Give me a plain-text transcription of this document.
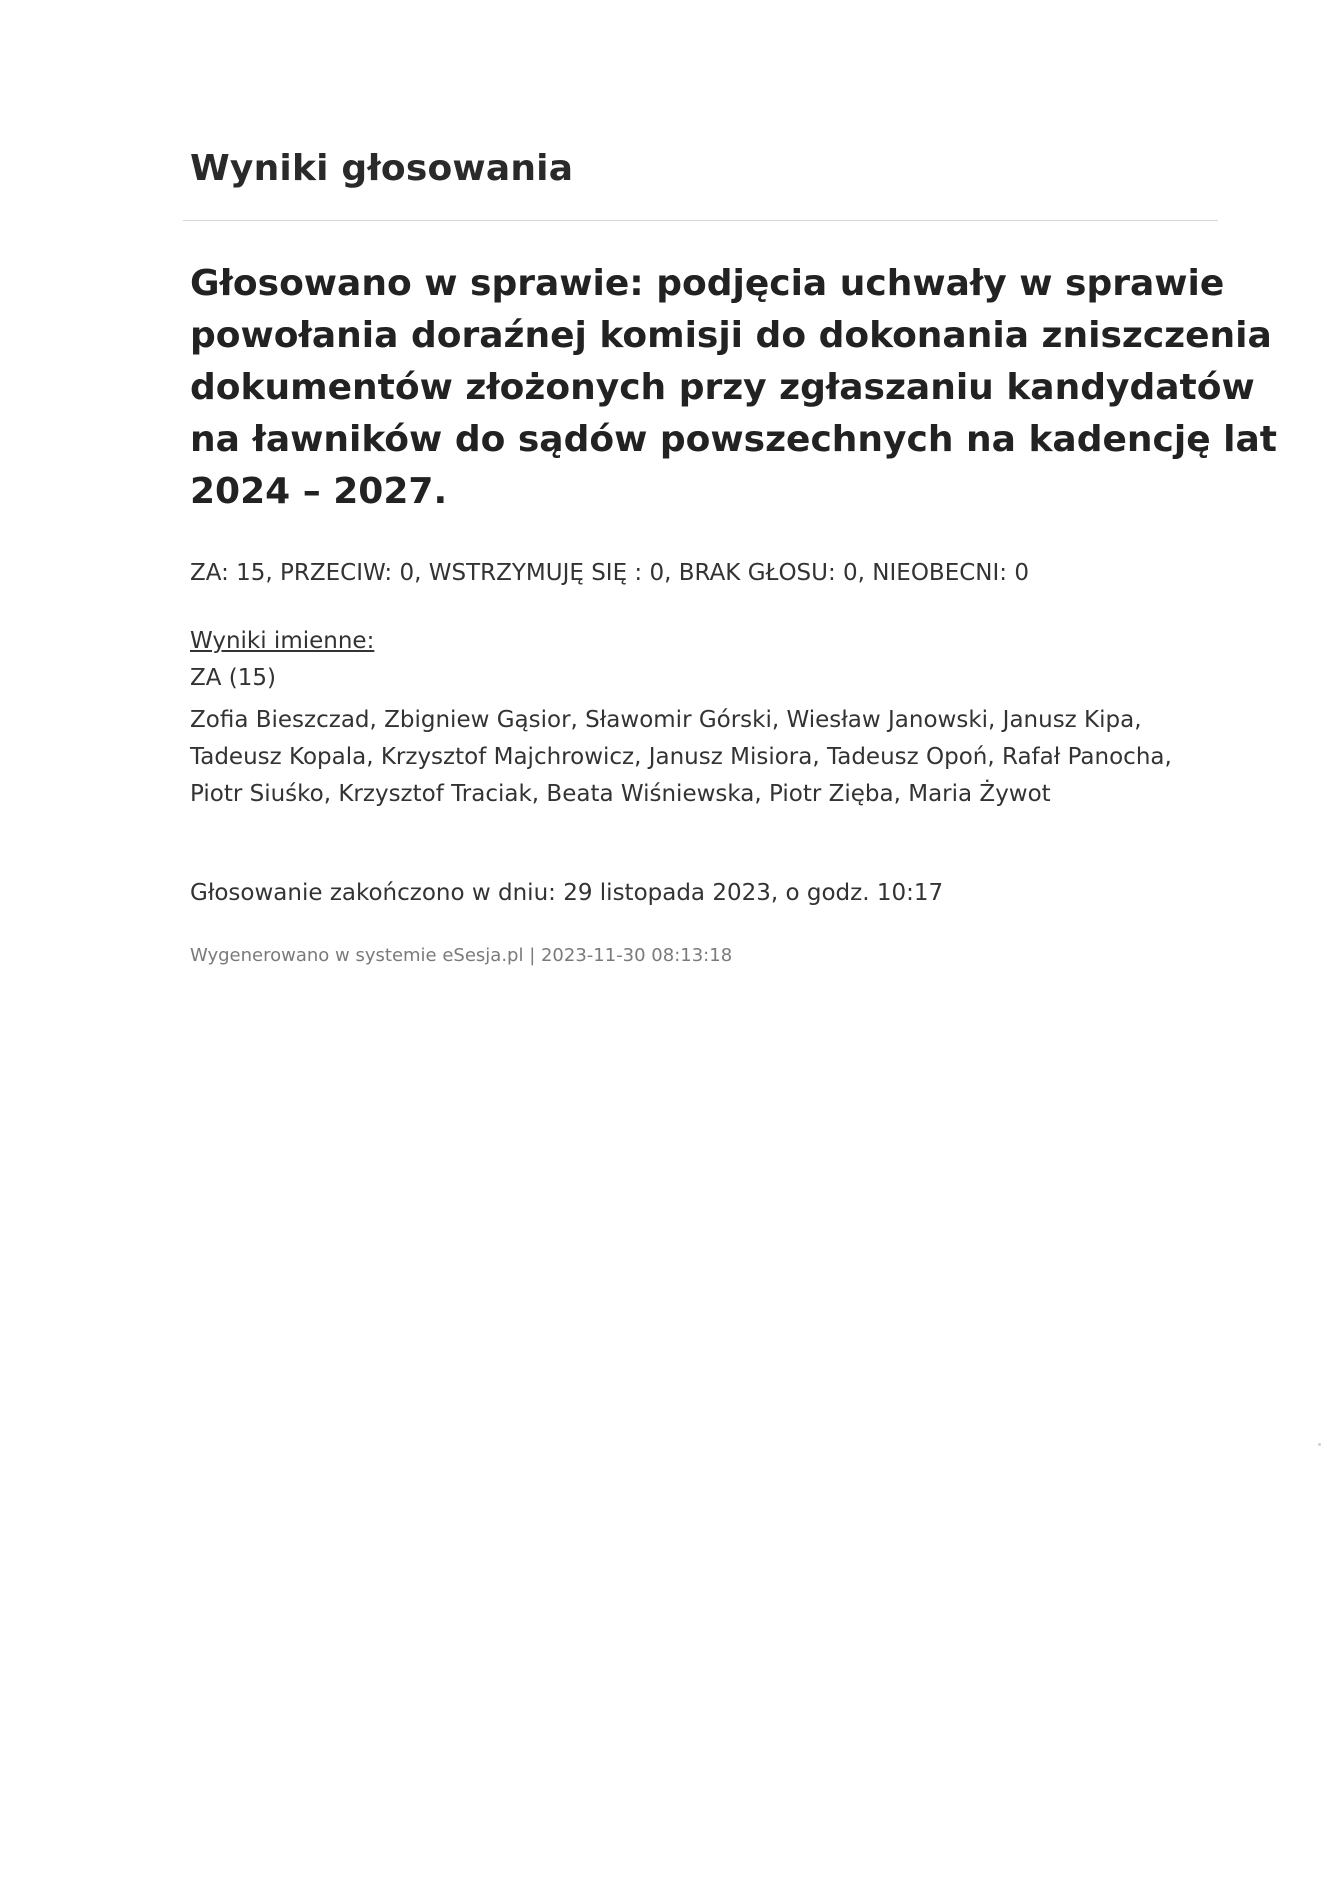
Wyniki głosowania
Głosowano w sprawie: podjęcia uchwały w sprawie
powołania doraźnej komisji do dokonania zniszczenia
dokumentów złożonych przy zgłaszaniu kandydatów
na ławników do sądów powszechnych na kadencję lat
2024 – 2027.

ZA: 15, PRZECIW: 0, WSTRZYMUJĘ SIĘ : 0, BRAK GŁOSU: 0, NIEOBECNI: 0

Wyniki imienne:

ZA (15)

Zofia Bieszczad, Zbigniew Gąsior, Sławomir Górski, Wiesław Janowski, Janusz Kipa,
Tadeusz Kopala, Krzysztof Majchrowicz, Janusz Misiora, Tadeusz Opoń, Rafał Panocha,
Piotr Siuśko, Krzysztof Traciak, Beata Wiśniewska, Piotr Zięba, Maria Żywot

Głosowanie zakończono w dniu: 29 listopada 2023, o godz. 10:17

Wygenerowano w systemie eSesja.pl | 2023-11-30 08:13:18
